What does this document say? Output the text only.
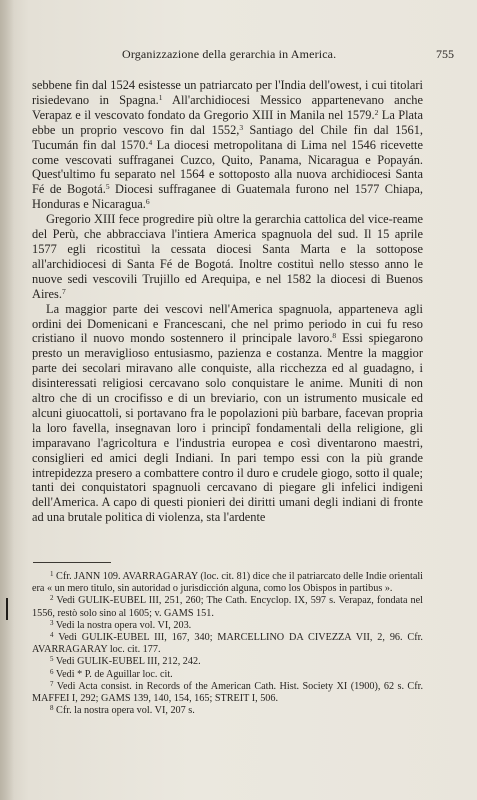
Organizzazione della gerarchia in America.	755

sebbene fin dal 1524 esistesse un patriarcato per l'India dell'owest, i cui titolari risiedevano in Spagna.$^1$ All'archidiocesi Messico appartenevano anche Verapaz e il vescovato fondato da Gregorio XIII in Manila nel 1579.$^2$ La Plata ebbe un proprio vescovo fin dal 1552,$^3$ Santiago del Chile fin dal 1561, Tucumán fin dal 1570.$^4$ La diocesi metropolitana di Lima nel 1546 ricevette come vescovati suffraganei Cuzco, Quito, Panama, Nicaragua e Popayán. Quest'ultimo fu separato nel 1564 e sottoposto alla nuova archidiocesi Santa Fé de Bogotá.$^5$ Diocesi suffraganee di Guatemala furono nel 1577 Chiapa, Honduras e Nicaragua.$^6$

Gregorio XIII fece progredire più oltre la gerarchia cattolica del vice-reame del Perù, che abbracciava l'intiera America spagnuola del sud. Il 15 aprile 1577 egli ricostituì la cessata diocesi Santa Marta e la sottopose all'archidiocesi di Santa Fé de Bogotá. Inoltre costituì nello stesso anno le nuove sedi vescovili Trujillo ed Arequipa, e nel 1582 la diocesi di Buenos Aires.$^7$

La maggior parte dei vescovi nell'America spagnuola, apparteneva agli ordini dei Domenicani e Francescani, che nel primo periodo in cui fu reso cristiano il nuovo mondo sostennero il principale lavoro.$^8$ Essi spiegarono presto un meraviglioso entusiasmo, pazienza e costanza. Mentre la maggior parte dei secolari miravano alle conquiste, alla ricchezza ed al guadagno, i disinteressati religiosi cercavano solo conquistare le anime. Muniti di non altro che di un crocifisso e di un breviario, con un istrumento musicale ed alcuni giuocattoli, si portavano fra le popolazioni più barbare, facevan propria la loro favella, insegnavan loro i principî fondamentali della religione, gli imparavano l'agricoltura e l'industria europea e così diventarono maestri, consiglieri ed amici degli Indiani. In pari tempo essi con la più grande intrepidezza presero a combattere contro il duro e crudele giogo, sotto il quale; tanti dei conquistatori spagnuoli cercavano di piegare gli infelici indigeni dell'America. A capo di questi pionieri dei diritti umani degli indiani di fronte ad una brutale politica di violenza, sta l'ardente

$^1$ Cfr. JANN 109. AVARRAGARAY (loc. cit. 81) dice che il patriarcato delle Indie orientali era « un mero titulo, sin autoridad o jurisdicción alguna, como los Obispos in partibus ».

$^2$ Vedi GULIK-EUBEL III, 251, 260; The Cath. Encyclop. IX, 597 s. Verapaz, fondata nel 1556, restò solo sino al 1605; v. GAMS 151.

$^3$ Vedi la nostra opera vol. VI, 203.

$^4$ Vedi GULIK-EUBEL III, 167, 340; MARCELLINO DA CIVEZZA VII, 2, 96. Cfr. AVARRAGARAY loc. cit. 177.

$^5$ Vedi GULIK-EUBEL III, 212, 242.

$^6$ Vedi * P. de Aguillar loc. cit.

$^7$ Vedi Acta consist. in Records of the American Cath. Hist. Society XI (1900), 62 s. Cfr. MAFFEI I, 292; GAMS 139, 140, 154, 165; STREIT I, 506.

$^8$ Cfr. la nostra opera vol. VI, 207 s.
